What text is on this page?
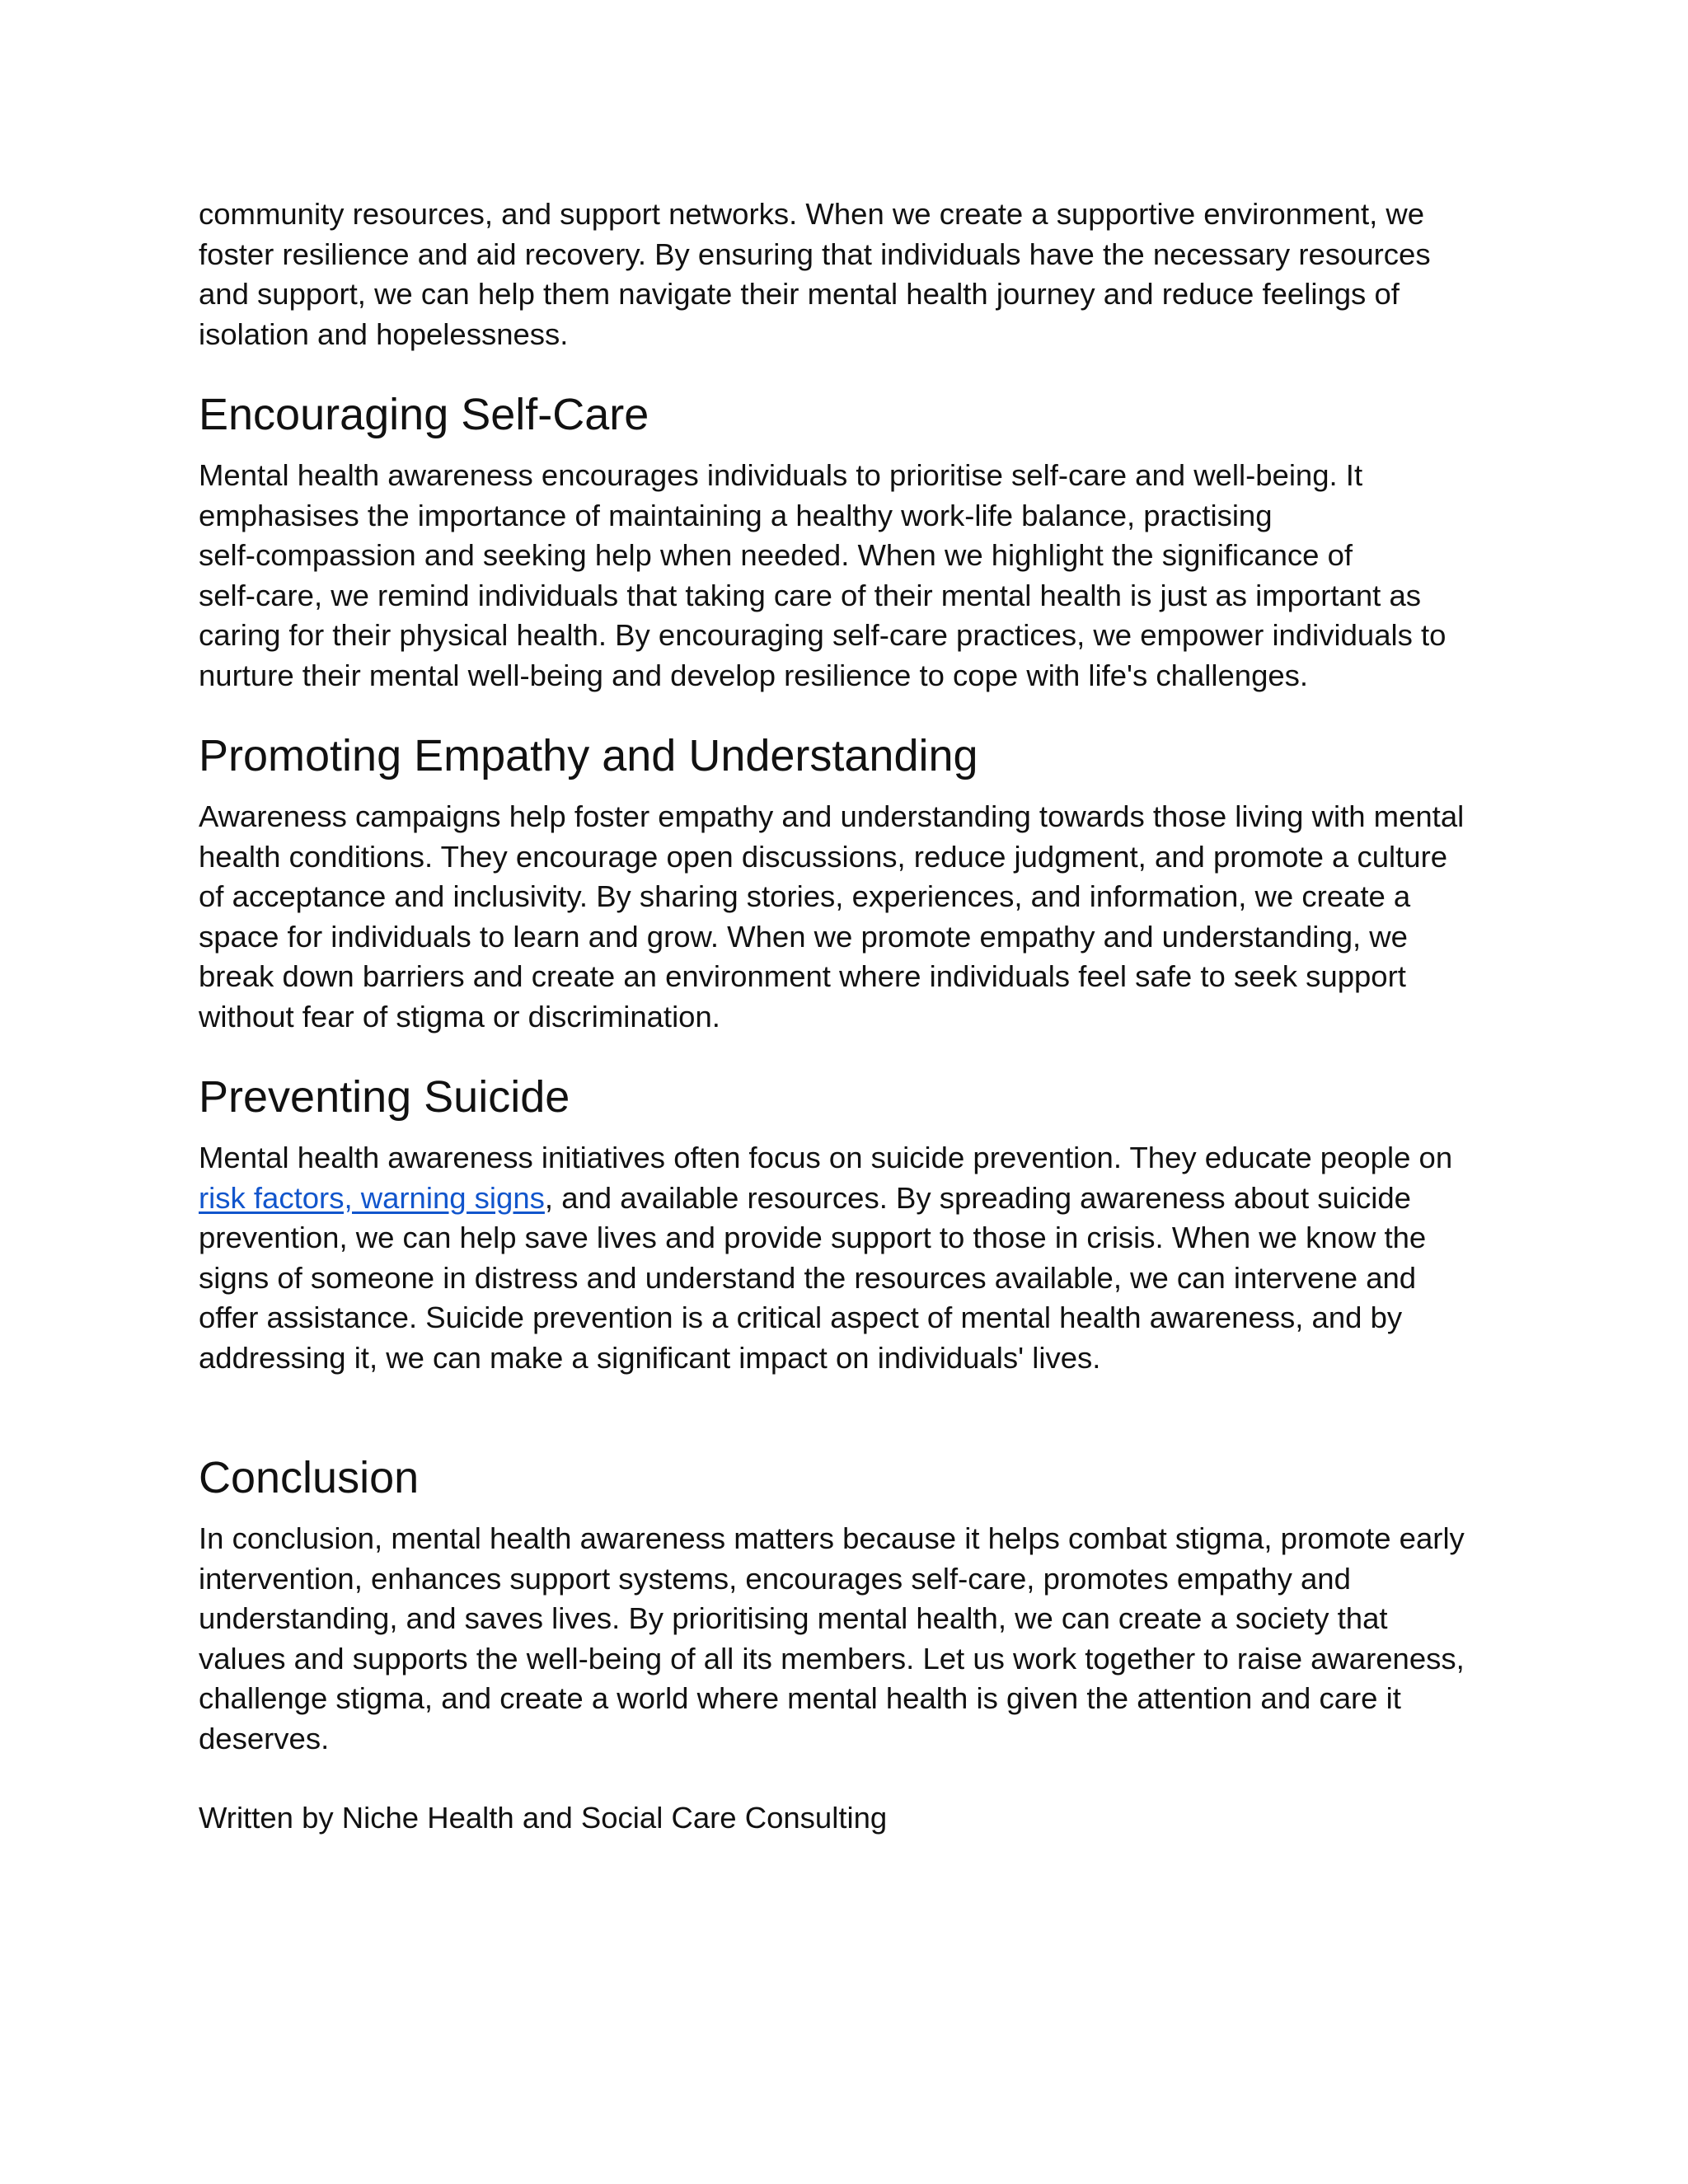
community resources, and support networks. When we create a supportive environment, we
foster resilience and aid recovery. By ensuring that individuals have the necessary resources
and support, we can help them navigate their mental health journey and reduce feelings of
isolation and hopelessness.

Encouraging Self-Care

Mental health awareness encourages individuals to prioritise self-care and well-being. It
emphasises the importance of maintaining a healthy work-life balance, practising
self-compassion and seeking help when needed. When we highlight the significance of
self-care, we remind individuals that taking care of their mental health is just as important as
caring for their physical health. By encouraging self-care practices, we empower individuals to
nurture their mental well-being and develop resilience to cope with life's challenges.

Promoting Empathy and Understanding

Awareness campaigns help foster empathy and understanding towards those living with mental
health conditions. They encourage open discussions, reduce judgment, and promote a culture
of acceptance and inclusivity. By sharing stories, experiences, and information, we create a
space for individuals to learn and grow. When we promote empathy and understanding, we
break down barriers and create an environment where individuals feel safe to seek support
without fear of stigma or discrimination.

Preventing Suicide

Mental health awareness initiatives often focus on suicide prevention. They educate people on
risk factors, warning signs, and available resources. By spreading awareness about suicide
prevention, we can help save lives and provide support to those in crisis. When we know the
signs of someone in distress and understand the resources available, we can intervene and
offer assistance. Suicide prevention is a critical aspect of mental health awareness, and by
addressing it, we can make a significant impact on individuals' lives.

Conclusion

In conclusion, mental health awareness matters because it helps combat stigma, promote early
intervention, enhances support systems, encourages self-care, promotes empathy and
understanding, and saves lives. By prioritising mental health, we can create a society that
values and supports the well-being of all its members. Let us work together to raise awareness,
challenge stigma, and create a world where mental health is given the attention and care it
deserves.

Written by Niche Health and Social Care Consulting
